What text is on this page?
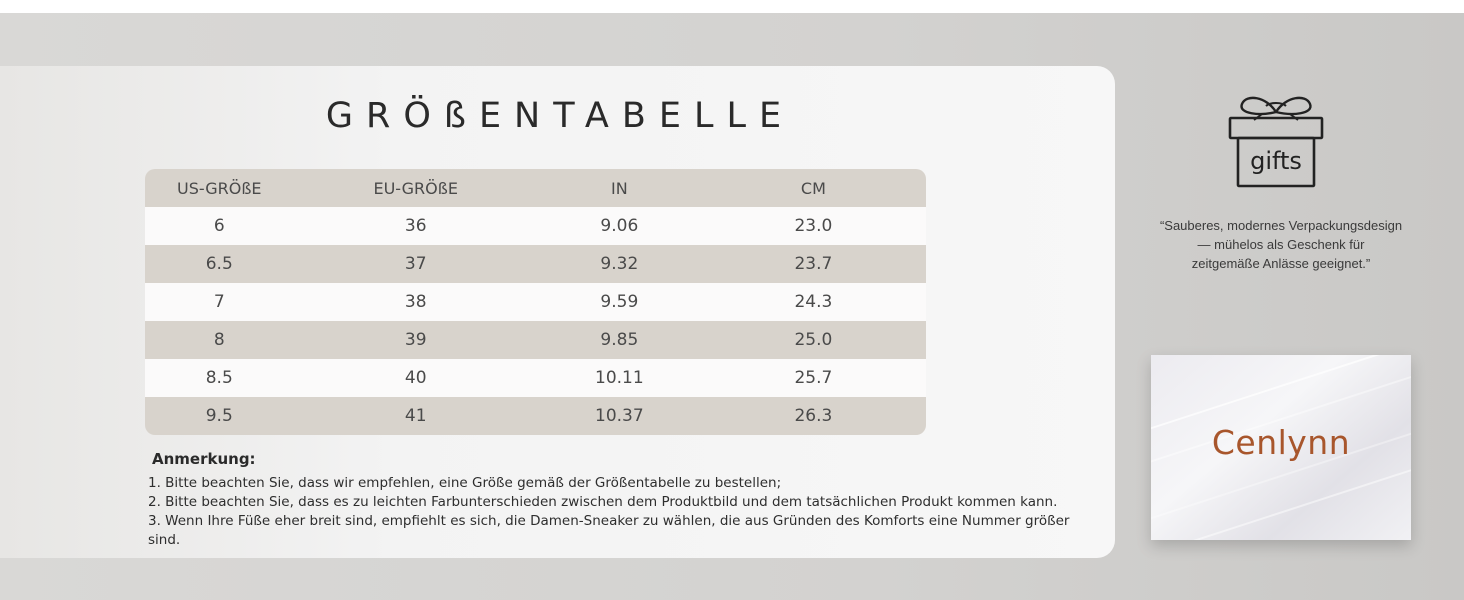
GRÖßENTABELLE
US-GRÖßE	EU-GRÖßE	IN	CM
6	36	9.06	23.0
6.5	37	9.32	23.7
7	38	9.59	24.3
8	39	9.85	25.0
8.5	40	10.11	25.7
9.5	41	10.37	26.3
Anmerkung:
1. Bitte beachten Sie, dass wir empfehlen, eine Größe gemäß der Größentabelle zu bestellen;
2. Bitte beachten Sie, dass es zu leichten Farbunterschieden zwischen dem Produktbild und dem tatsächlichen Produkt kommen kann.
3. Wenn Ihre Füße eher breit sind, empfiehlt es sich, die Damen-Sneaker zu wählen, die aus Gründen des Komforts eine Nummer größer
sind.
gifts
“Sauberes, modernes Verpackungsdesign
— mühelos als Geschenk für
zeitgemäße Anlässe geeignet.”
Cenlynn
